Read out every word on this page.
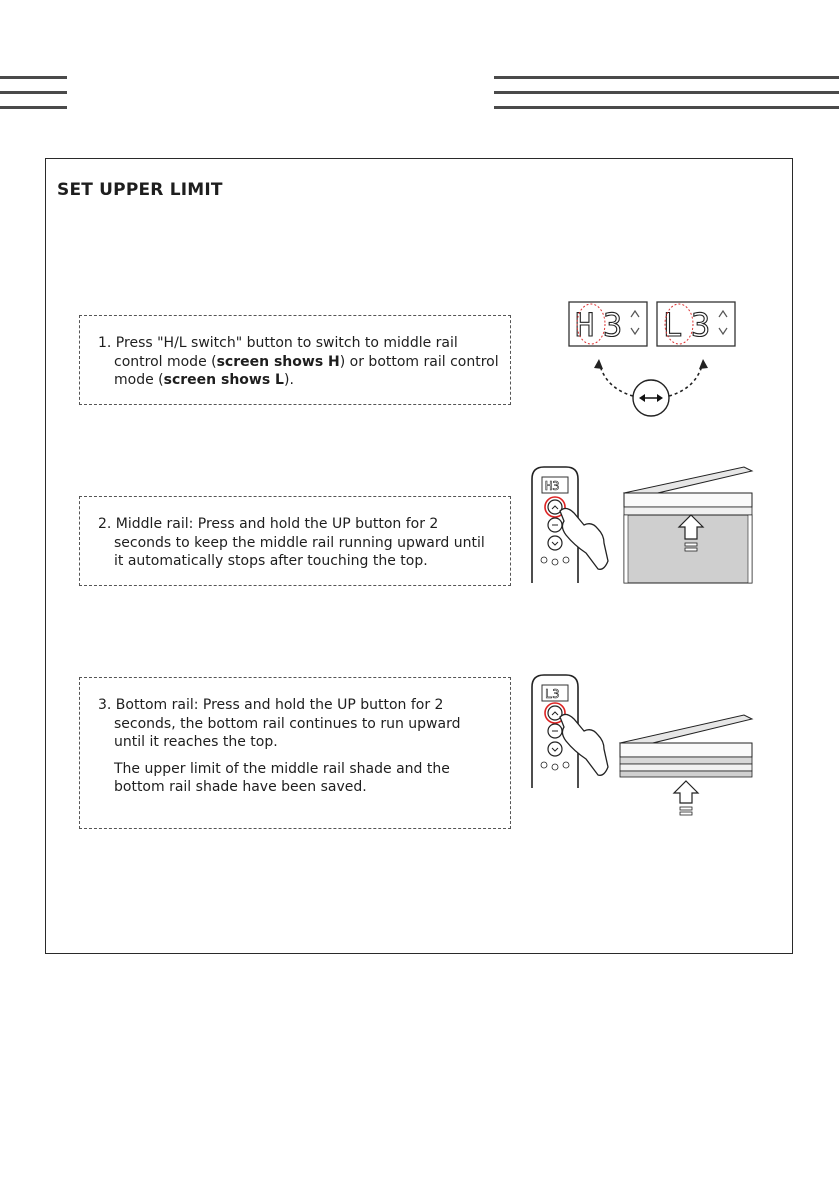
SET UPPER LIMIT

1. Press "H/L switch" button to switch to middle rail

control mode (screen shows H) or bottom rail control

mode (screen shows L).

2. Middle rail: Press and hold the UP button for 2

seconds to keep the middle rail running upward until

it automatically stops after touching the top.

3. Bottom rail: Press and hold the UP button for 2

seconds, the bottom rail continues to run upward

until it reaches the top.

The upper limit of the middle rail shade and the

bottom rail shade have been saved.

H 3 L 3
H3
L3
